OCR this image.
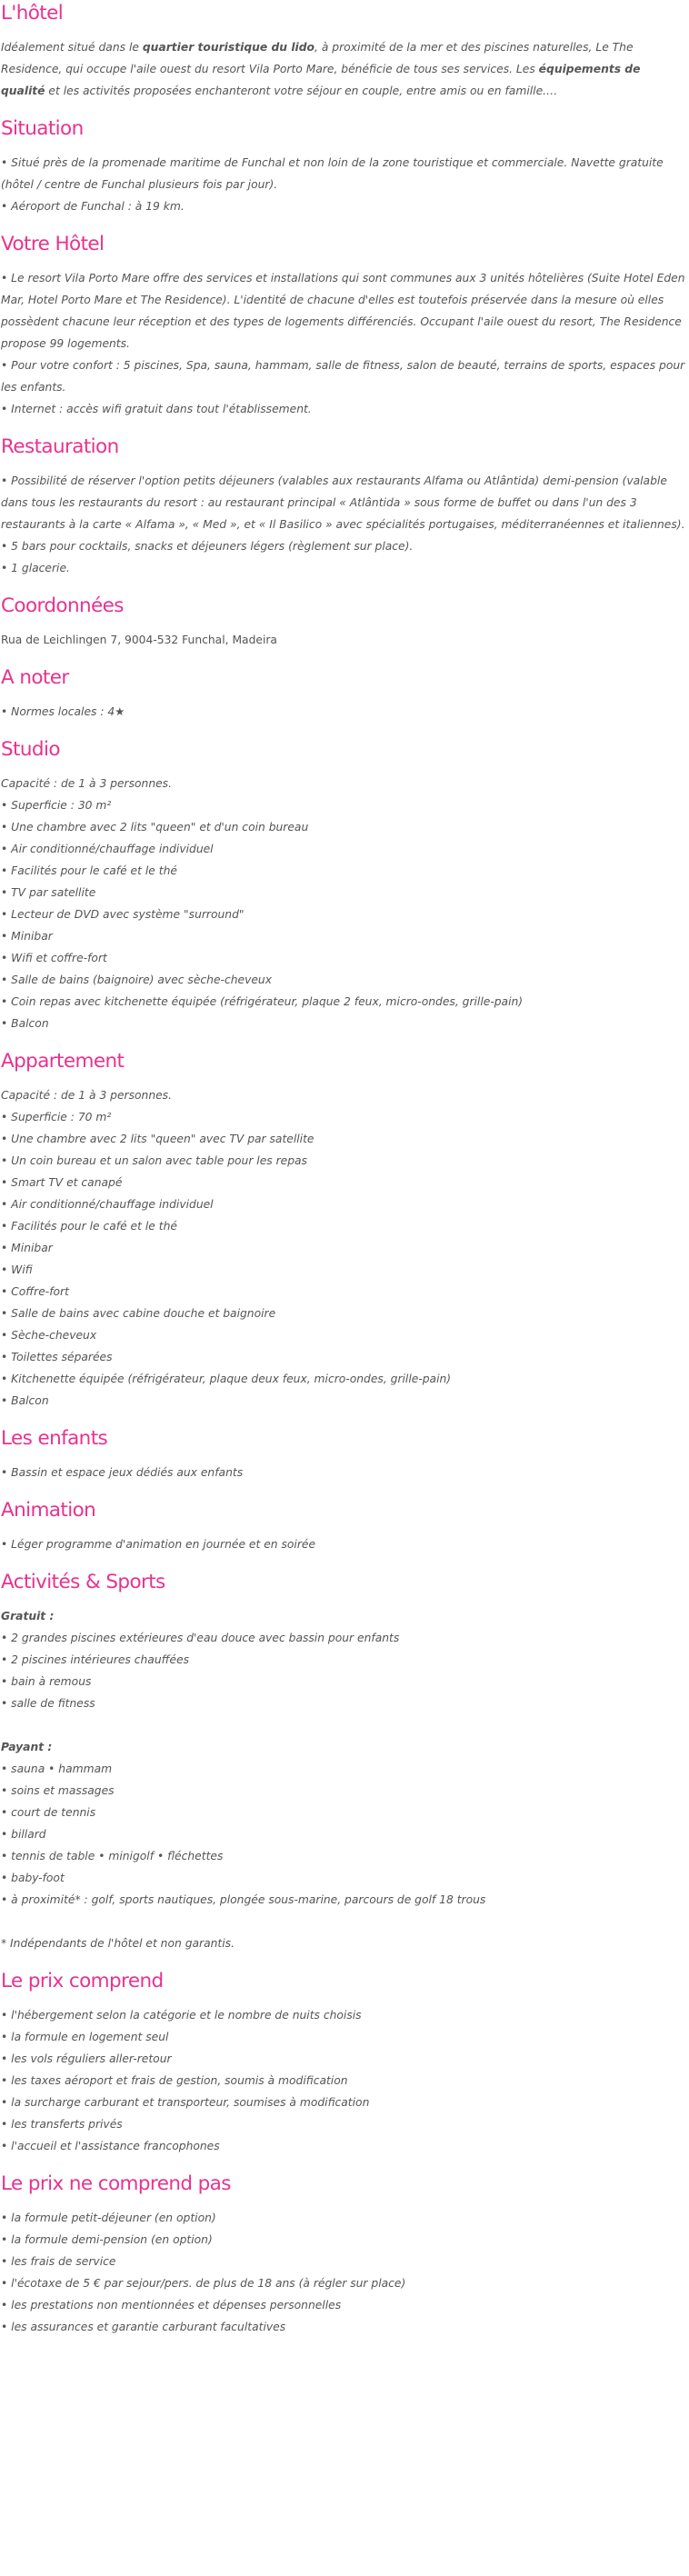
L'hôtel

Idéalement situé dans le quartier touristique du lido, à proximité de la mer et des piscines naturelles, Le The Residence, qui occupe l'aile ouest du resort Vila Porto Mare, bénéficie de tous ses services. Les équipements de qualité et les activités proposées enchanteront votre séjour en couple, entre amis ou en famille.…

Situation
• Situé près de la promenade maritime de Funchal et non loin de la zone touristique et commerciale. Navette gratuite (hôtel / centre de Funchal plusieurs fois par jour).
• Aéroport de Funchal : à 19 km.
Votre Hôtel
• Le resort Vila Porto Mare offre des services et installations qui sont communes aux 3 unités hôtelières (Suite Hotel Eden Mar, Hotel Porto Mare et The Residence). L'identité de chacune d'elles est toutefois préservée dans la mesure où elles possèdent chacune leur réception et des types de logements différenciés. Occupant l'aile ouest du resort, The Residence propose 99 logements.
• Pour votre confort : 5 piscines, Spa, sauna, hammam, salle de fitness, salon de beauté, terrains de sports, espaces pour les enfants.
• Internet : accès wifi gratuit dans tout l'établissement.
Restauration
• Possibilité de réserver l'option petits déjeuners (valables aux restaurants Alfama ou Atlântida) demi-pension (valable dans tous les restaurants du resort : au restaurant principal « Atlântida » sous forme de buffet ou dans l'un des 3 restaurants à la carte « Alfama », « Med », et « Il Basilico » avec spécialités portugaises, méditerranéennes et italiennes).
• 5 bars pour cocktails, snacks et déjeuners légers (règlement sur place).
• 1 glacerie.
Coordonnées

Rua de Leichlingen 7, 9004-532 Funchal, Madeira

A noter
• Normes locales : 4★
Studio
Capacité : de 1 à 3 personnes.
• Superficie : 30 m²
• Une chambre avec 2 lits "queen" et d'un coin bureau
• Air conditionné/chauffage individuel
• Facilités pour le café et le thé
• TV par satellite
• Lecteur de DVD avec système "surround"
• Minibar
• Wifi et coffre-fort
• Salle de bains (baignoire) avec sèche-cheveux
• Coin repas avec kitchenette équipée (réfrigérateur, plaque 2 feux, micro-ondes, grille-pain)
• Balcon
Appartement
Capacité : de 1 à 3 personnes.
• Superficie : 70 m²
• Une chambre avec 2 lits "queen" avec TV par satellite
• Un coin bureau et un salon avec table pour les repas
• Smart TV et canapé
• Air conditionné/chauffage individuel
• Facilités pour le café et le thé
• Minibar
• Wifi
• Coffre-fort
• Salle de bains avec cabine douche et baignoire
• Sèche-cheveux
• Toilettes séparées
• Kitchenette équipée (réfrigérateur, plaque deux feux, micro-ondes, grille-pain)
• Balcon
Les enfants
• Bassin et espace jeux dédiés aux enfants
Animation
• Léger programme d'animation en journée et en soirée
Activités & Sports

Gratuit :

• 2 grandes piscines extérieures d'eau douce avec bassin pour enfants
• 2 piscines intérieures chauffées
• bain à remous
• salle de fitness

Payant :

• sauna • hammam
• soins et massages
• court de tennis
• billard
• tennis de table • minigolf • fléchettes
• baby-foot
• à proximité* : golf, sports nautiques, plongée sous-marine, parcours de golf 18 trous

* Indépendants de l'hôtel et non garantis.

Le prix comprend
• l'hébergement selon la catégorie et le nombre de nuits choisis
• la formule en logement seul
• les vols réguliers aller-retour
• les taxes aéroport et frais de gestion, soumis à modification
• la surcharge carburant et transporteur, soumises à modification
• les transferts privés
• l'accueil et l'assistance francophones
Le prix ne comprend pas
• la formule petit-déjeuner (en option)
• la formule demi-pension (en option)
• les frais de service
• l'écotaxe de 5 € par sejour/pers. de plus de 18 ans (à régler sur place)
• les prestations non mentionnées et dépenses personnelles
• les assurances et garantie carburant facultatives
